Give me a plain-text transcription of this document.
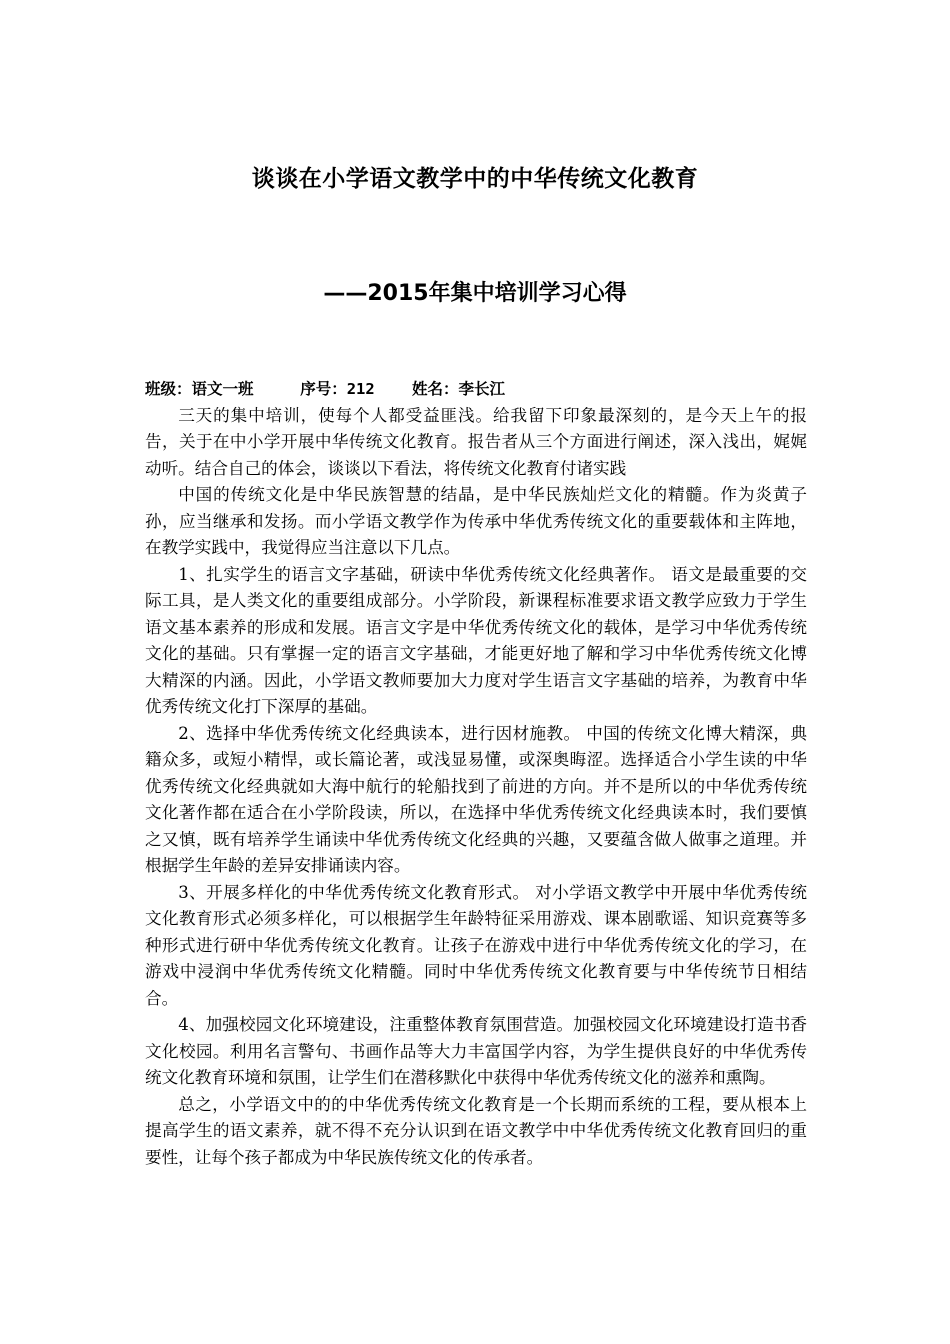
谈谈在小学语文教学中的中华传统文化教育
——2015年集中培训学习心得

班级：语文一班	序号：212 姓名：李长江

三天的集中培训，使每个人都受益匪浅。给我留下印象最深刻的，是今天上午的报告，关于在中小学开展中华传统文化教育。报告者从三个方面进行阐述，深入浅出，娓娓动听。结合自己的体会，谈谈以下看法，将传统文化教育付诸实践

中国的传统文化是中华民族智慧的结晶，是中华民族灿烂文化的精髓。作为炎黄子孙，应当继承和发扬。而小学语文教学作为传承中华优秀传统文化的重要载体和主阵地，在教学实践中，我觉得应当注意以下几点。

1、扎实学生的语言文字基础，研读中华优秀传统文化经典著作。 语文是最重要的交际工具，是人类文化的重要组成部分。小学阶段，新课程标准要求语文教学应致力于学生语文基本素养的形成和发展。语言文字是中华优秀传统文化的载体，是学习中华优秀传统文化的基础。只有掌握一定的语言文字基础，才能更好地了解和学习中华优秀传统文化博大精深的内涵。因此，小学语文教师要加大力度对学生语言文字基础的培养，为教育中华优秀传统文化打下深厚的基础。

2、选择中华优秀传统文化经典读本，进行因材施教。 中国的传统文化博大精深，典籍众多，或短小精悍，或长篇论著，或浅显易懂，或深奥晦涩。选择适合小学生读的中华优秀传统文化经典就如大海中航行的轮船找到了前进的方向。并不是所以的中华优秀传统文化著作都在适合在小学阶段读，所以，在选择中华优秀传统文化经典读本时，我们要慎之又慎，既有培养学生诵读中华优秀传统文化经典的兴趣，又要蕴含做人做事之道理。并根据学生年龄的差异安排诵读内容。

3、开展多样化的中华优秀传统文化教育形式。 对小学语文教学中开展中华优秀传统文化教育形式必须多样化，可以根据学生年龄特征采用游戏、课本剧歌谣、知识竞赛等多种形式进行研中华优秀传统文化教育。让孩子在游戏中进行中华优秀传统文化的学习，在游戏中浸润中华优秀传统文化精髓。同时中华优秀传统文化教育要与中华传统节日相结合。

4、加强校园文化环境建设，注重整体教育氛围营造。加强校园文化环境建设打造书香文化校园。利用名言警句、书画作品等大力丰富国学内容，为学生提供良好的中华优秀传统文化教育环境和氛围，让学生们在潜移默化中获得中华优秀传统文化的滋养和熏陶。

总之，小学语文中的的中华优秀传统文化教育是一个长期而系统的工程，要从根本上提高学生的语文素养，就不得不充分认识到在语文教学中中华优秀传统文化教育回归的重要性，让每个孩子都成为中华民族传统文化的传承者。
